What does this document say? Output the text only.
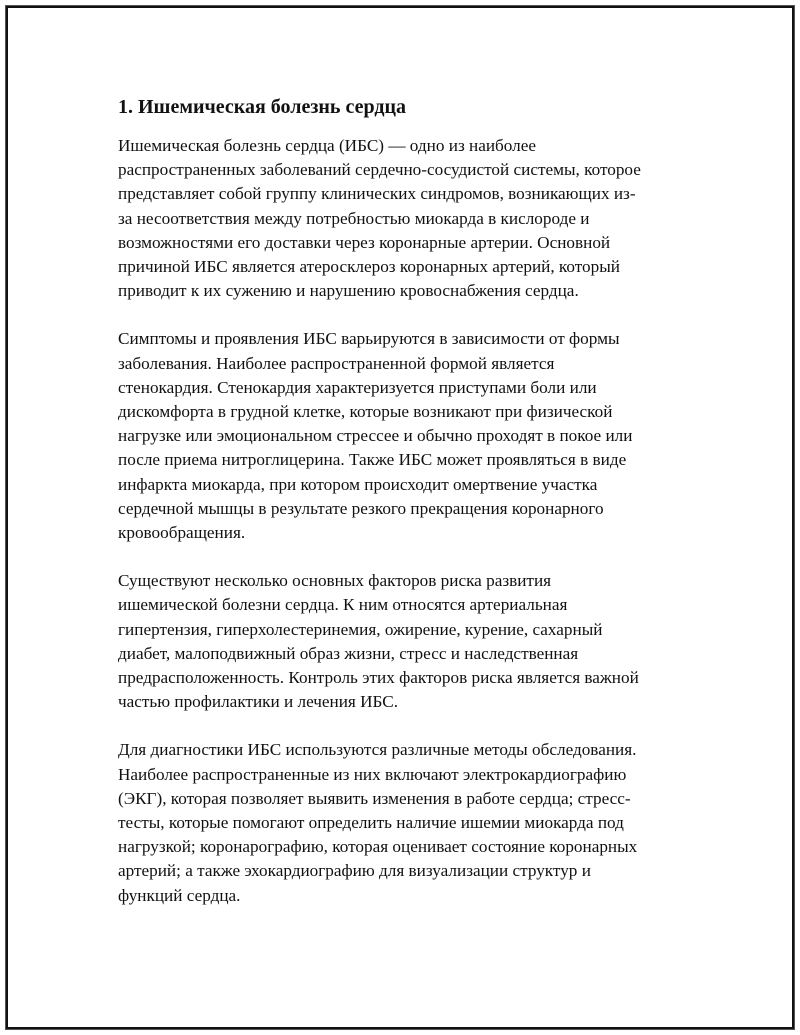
1. Ишемическая болезнь сердца
Ишемическая болезнь сердца (ИБС) — одно из наиболее
распространенных заболеваний сердечно-сосудистой системы, которое
представляет собой группу клинических синдромов, возникающих из-
за несоответствия между потребностью миокарда в кислороде и
возможностями его доставки через коронарные артерии. Основной
причиной ИБС является атеросклероз коронарных артерий, который
приводит к их сужению и нарушению кровоснабжения сердца.
Симптомы и проявления ИБС варьируются в зависимости от формы
заболевания. Наиболее распространенной формой является
стенокардия. Стенокардия характеризуется приступами боли или
дискомфорта в грудной клетке, которые возникают при физической
нагрузке или эмоциональном стрессее и обычно проходят в покое или
после приема нитроглицерина. Также ИБС может проявляться в виде
инфаркта миокарда, при котором происходит омертвение участка
сердечной мышцы в результате резкого прекращения коронарного
кровообращения.
Существуют несколько основных факторов риска развития
ишемической болезни сердца. К ним относятся артериальная
гипертензия, гиперхолестеринемия, ожирение, курение, сахарный
диабет, малоподвижный образ жизни, стресс и наследственная
предрасположенность. Контроль этих факторов риска является важной
частью профилактики и лечения ИБС.
Для диагностики ИБС используются различные методы обследования.
Наиболее распространенные из них включают электрокардиографию
(ЭКГ), которая позволяет выявить изменения в работе сердца; стресс-
тесты, которые помогают определить наличие ишемии миокарда под
нагрузкой; коронарографию, которая оценивает состояние коронарных
артерий; а также эхокардиографию для визуализации структур и
функций сердца.
